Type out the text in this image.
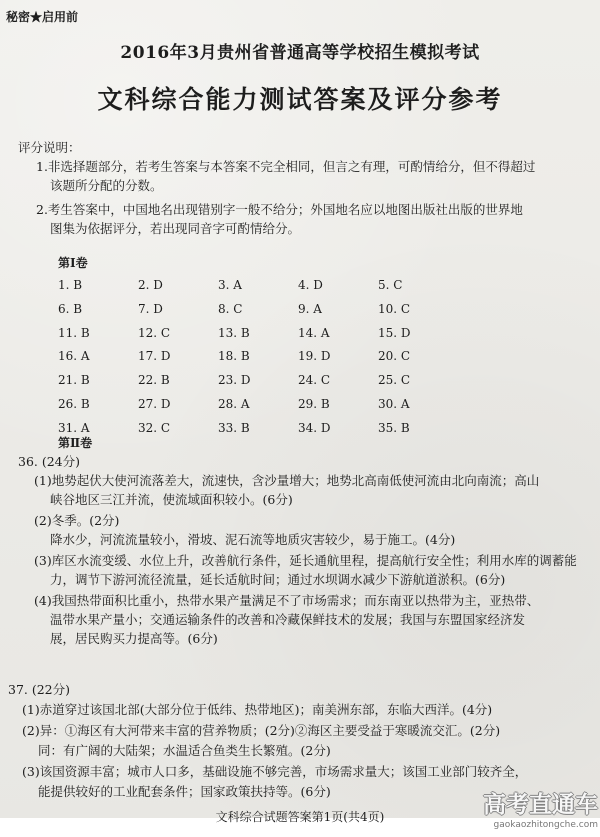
秘密★启用前
2016年3月贵州省普通高等学校招生模拟考试
文科综合能力测试答案及评分参考
评分说明：
1.非选择题部分，若考生答案与本答案不完全相同，但言之有理，可酌情给分，但不得超过
该题所分配的分数。
2.考生答案中，中国地名出现错别字一般不给分；外国地名应以地图出版社出版的世界地
图集为依据评分，若出现同音字可酌情给分。
第Ⅰ卷
1. B	2. D	3. A	4. D	5. C
6. B	7. D	8. C	9. A	10. C
11. B	12. C	13. B	14. A	15. D
16. A	17. D	18. B	19. D	20. C
21. B	22. B	23. D	24. C	25. C
26. B	27. D	28. A	29. B	30. A
31. A	32. C	33. B	34. D	35. B
第Ⅱ卷
36. (24分)
(1)地势起伏大使河流落差大，流速快，含沙量增大；地势北高南低使河流由北向南流；高山
峡谷地区三江并流，使流域面积较小。(6分)
(2)冬季。(2分)
降水少，河流流量较小，滑坡、泥石流等地质灾害较少，易于施工。(4分)
(3)库区水流变缓、水位上升，改善航行条件，延长通航里程，提高航行安全性；利用水库的调蓄能
力，调节下游河流径流量，延长适航时间；通过水坝调水减少下游航道淤积。(6分)
(4)我国热带面积比重小，热带水果产量满足不了市场需求；而东南亚以热带为主，亚热带、
温带水果产量小；交通运输条件的改善和冷藏保鲜技术的发展；我国与东盟国家经济发
展，居民购买力提高等。(6分)
37. (22分)
(1)赤道穿过该国北部(大部分位于低纬、热带地区)；南美洲东部，东临大西洋。(4分)
(2)异：①海区有大河带来丰富的营养物质；(2分)②海区主要受益于寒暖流交汇。(2分)
同：有广阔的大陆架；水温适合鱼类生长繁殖。(2分)
(3)该国资源丰富；城市人口多，基础设施不够完善，市场需求量大；该国工业部门较齐全，
能提供较好的工业配套条件；国家政策扶持等。(6分)
文科综合试题答案第1页(共4页)	高考直通车
gaokaozhitongche.com
